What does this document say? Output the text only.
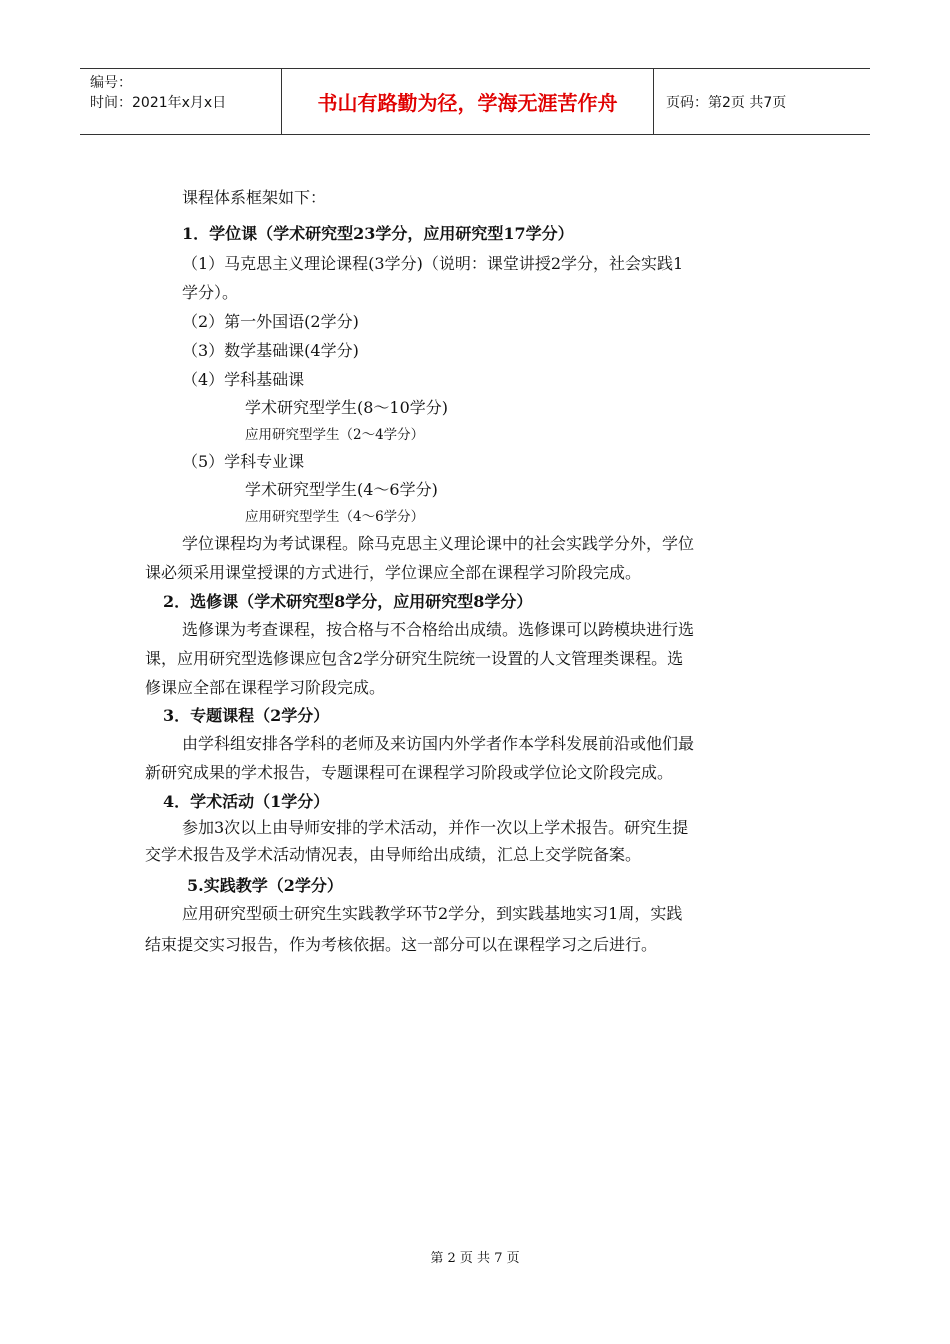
编号：
时间：2021年x月x日	书山有路勤为径，学海无涯苦作舟	页码：第2页 共7页
课程体系框架如下：
1．学位课（学术研究型23学分，应用研究型17学分）
（1）马克思主义理论课程(3学分)（说明：课堂讲授2学分，社会实践1
学分）。
（2）第一外国语(2学分)
（3）数学基础课(4学分)
（4）学科基础课
学术研究型学生(8～10学分)
应用研究型学生（2～4学分）
（5）学科专业课
学术研究型学生(4～6学分)
应用研究型学生（4～6学分）
学位课程均为考试课程。除马克思主义理论课中的社会实践学分外，学位
课必须采用课堂授课的方式进行，学位课应全部在课程学习阶段完成。
2．选修课（学术研究型8学分，应用研究型8学分）
选修课为考查课程，按合格与不合格给出成绩。选修课可以跨模块进行选
课，应用研究型选修课应包含2学分研究生院统一设置的人文管理类课程。选
修课应全部在课程学习阶段完成。
3．专题课程（2学分）
由学科组安排各学科的老师及来访国内外学者作本学科发展前沿或他们最
新研究成果的学术报告，专题课程可在课程学习阶段或学位论文阶段完成。
4．学术活动（1学分）
参加3次以上由导师安排的学术活动，并作一次以上学术报告。研究生提
交学术报告及学术活动情况表，由导师给出成绩，汇总上交学院备案。
5.实践教学（2学分）
应用研究型硕士研究生实践教学环节2学分，到实践基地实习1周，实践
结束提交实习报告，作为考核依据。这一部分可以在课程学习之后进行。
第 2 页 共 7 页
